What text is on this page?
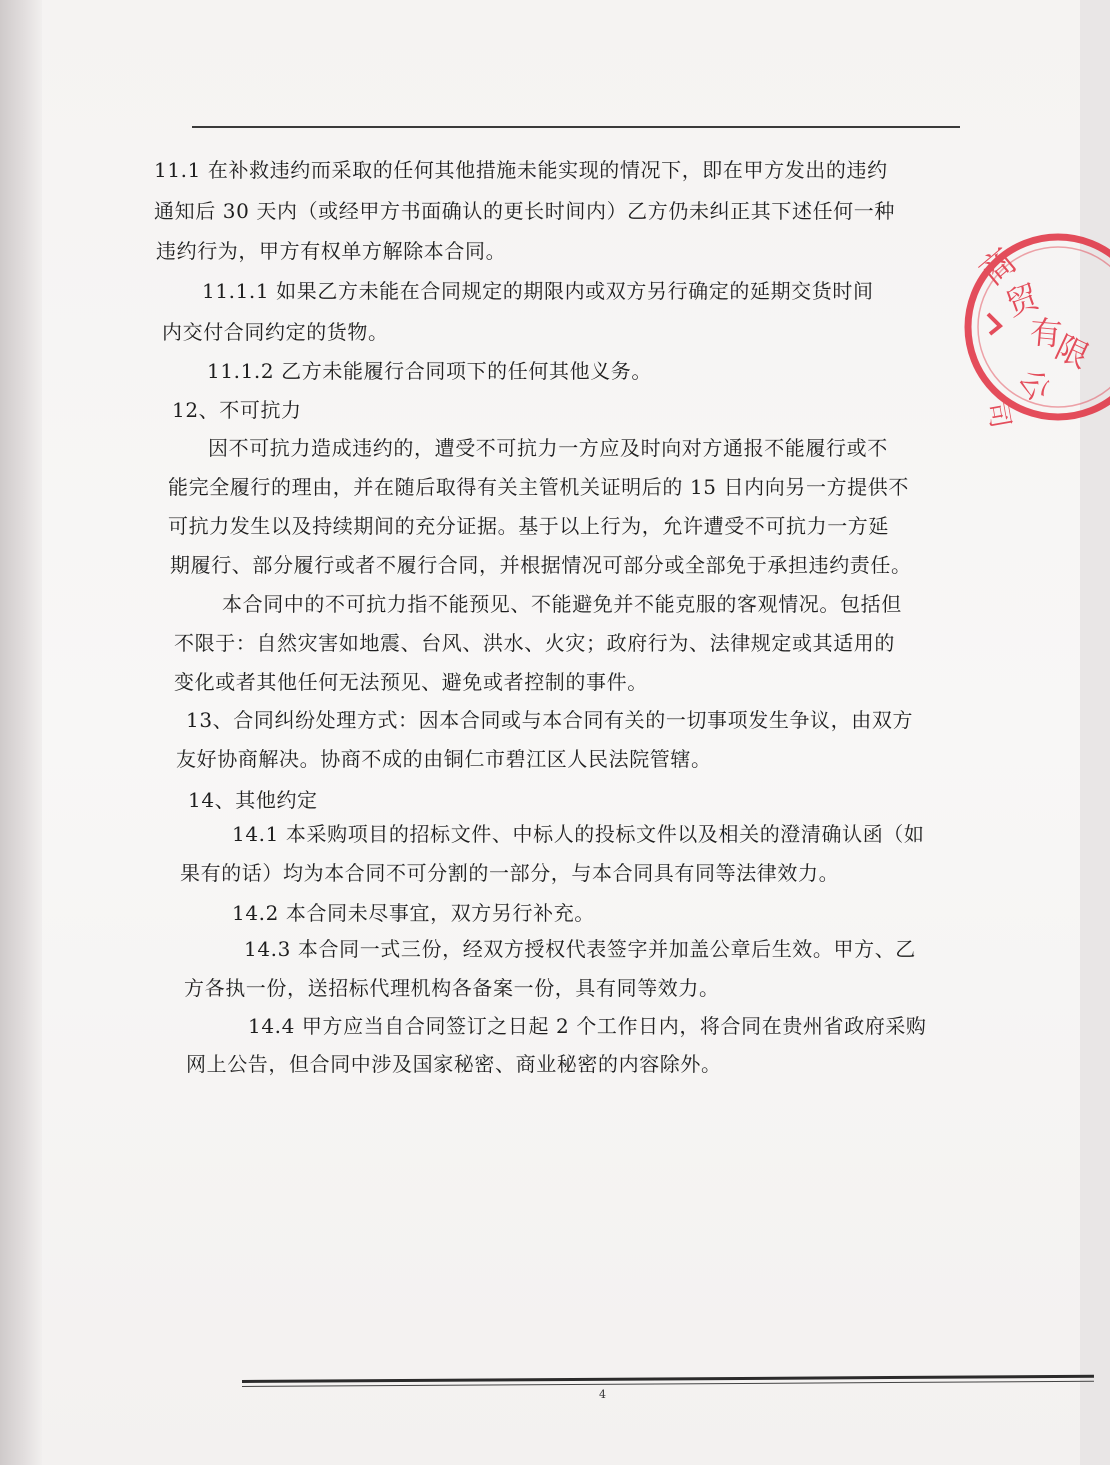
11.1 在补救违约而采取的任何其他措施未能实现的情况下，即在甲方发出的违约
通知后 30 天内（或经甲方书面确认的更长时间内）乙方仍未纠正其下述任何一种
违约行为，甲方有权单方解除本合同。
11.1.1 如果乙方未能在合同规定的期限内或双方另行确定的延期交货时间
内交付合同约定的货物。
11.1.2 乙方未能履行合同项下的任何其他义务。
12、不可抗力
因不可抗力造成违约的，遭受不可抗力一方应及时向对方通报不能履行或不
能完全履行的理由，并在随后取得有关主管机关证明后的 15 日内向另一方提供不
可抗力发生以及持续期间的充分证据。基于以上行为，允许遭受不可抗力一方延
期履行、部分履行或者不履行合同，并根据情况可部分或全部免于承担违约责任。
本合同中的不可抗力指不能预见、不能避免并不能克服的客观情况。包括但
不限于：自然灾害如地震、台风、洪水、火灾；政府行为、法律规定或其适用的
变化或者其他任何无法预见、避免或者控制的事件。
13、合同纠纷处理方式：因本合同或与本合同有关的一切事项发生争议，由双方
友好协商解决。协商不成的由铜仁市碧江区人民法院管辖。
14、其他约定
14.1 本采购项目的招标文件、中标人的投标文件以及相关的澄清确认函（如
果有的话）均为本合同不可分割的一部分，与本合同具有同等法律效力。
14.2 本合同未尽事宜，双方另行补充。
14.3 本合同一式三份，经双方授权代表签字并加盖公章后生效。甲方、乙
方各执一份，送招标代理机构各备案一份，具有同等效力。
14.4 甲方应当自合同签订之日起 2 个工作日内，将合同在贵州省政府采购
网上公告，但合同中涉及国家秘密、商业秘密的内容除外。
4
商
贸
有
限
公
司
